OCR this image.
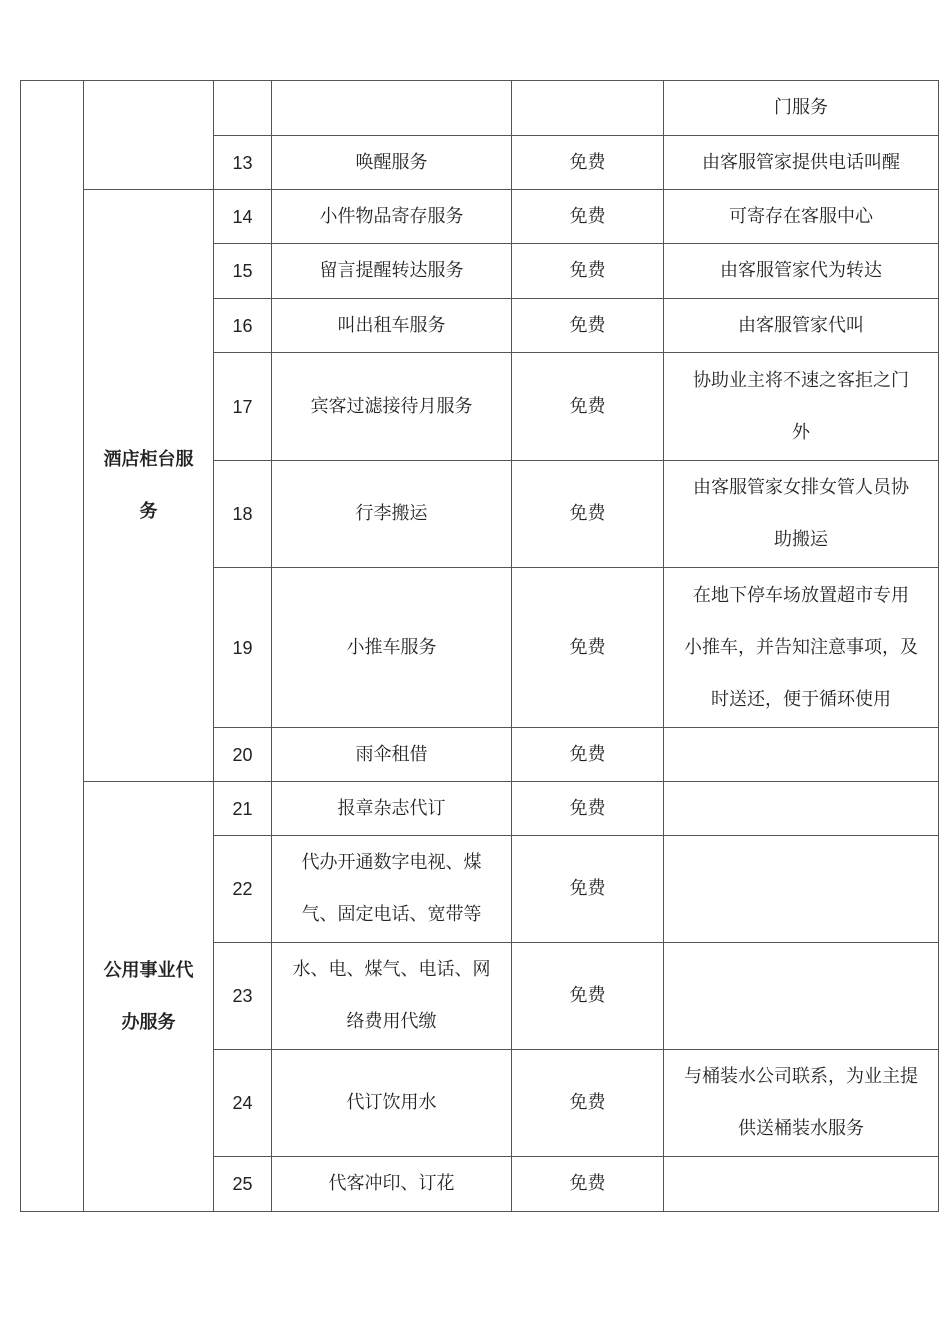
					门服务

		13	唤醒服务	免费	由客服管家提供电话叫醒

	酒店柜台服
务	14	小件物品寄存服务	免费	可寄存在客服中心

		15	留言提醒转达服务	免费	由客服管家代为转达

		16	叫出租车服务	免费	由客服管家代叫

		17	宾客过滤接待月服务	免费	协助业主将不速之客拒之门
外

		18	行李搬运	免费	由客服管家女排女管人员协
助搬运

		19	小推车服务	免费	在地下停车场放置超市专用
小推车，并告知注意事项，及
时送还，便于循环使用

		20	雨伞租借	免费	

	公用事业代
办服务	21	报章杂志代订	免费	
		22	代办开通数字电视、煤
气、固定电话、宽带等	免费	
		23	水、电、煤气、电话、网
络费用代缴	免费	
		24	代订饮用水	免费	与桶装水公司联系，为业主提
供送桶装水服务

		25	代客冲印、订花	免费	
